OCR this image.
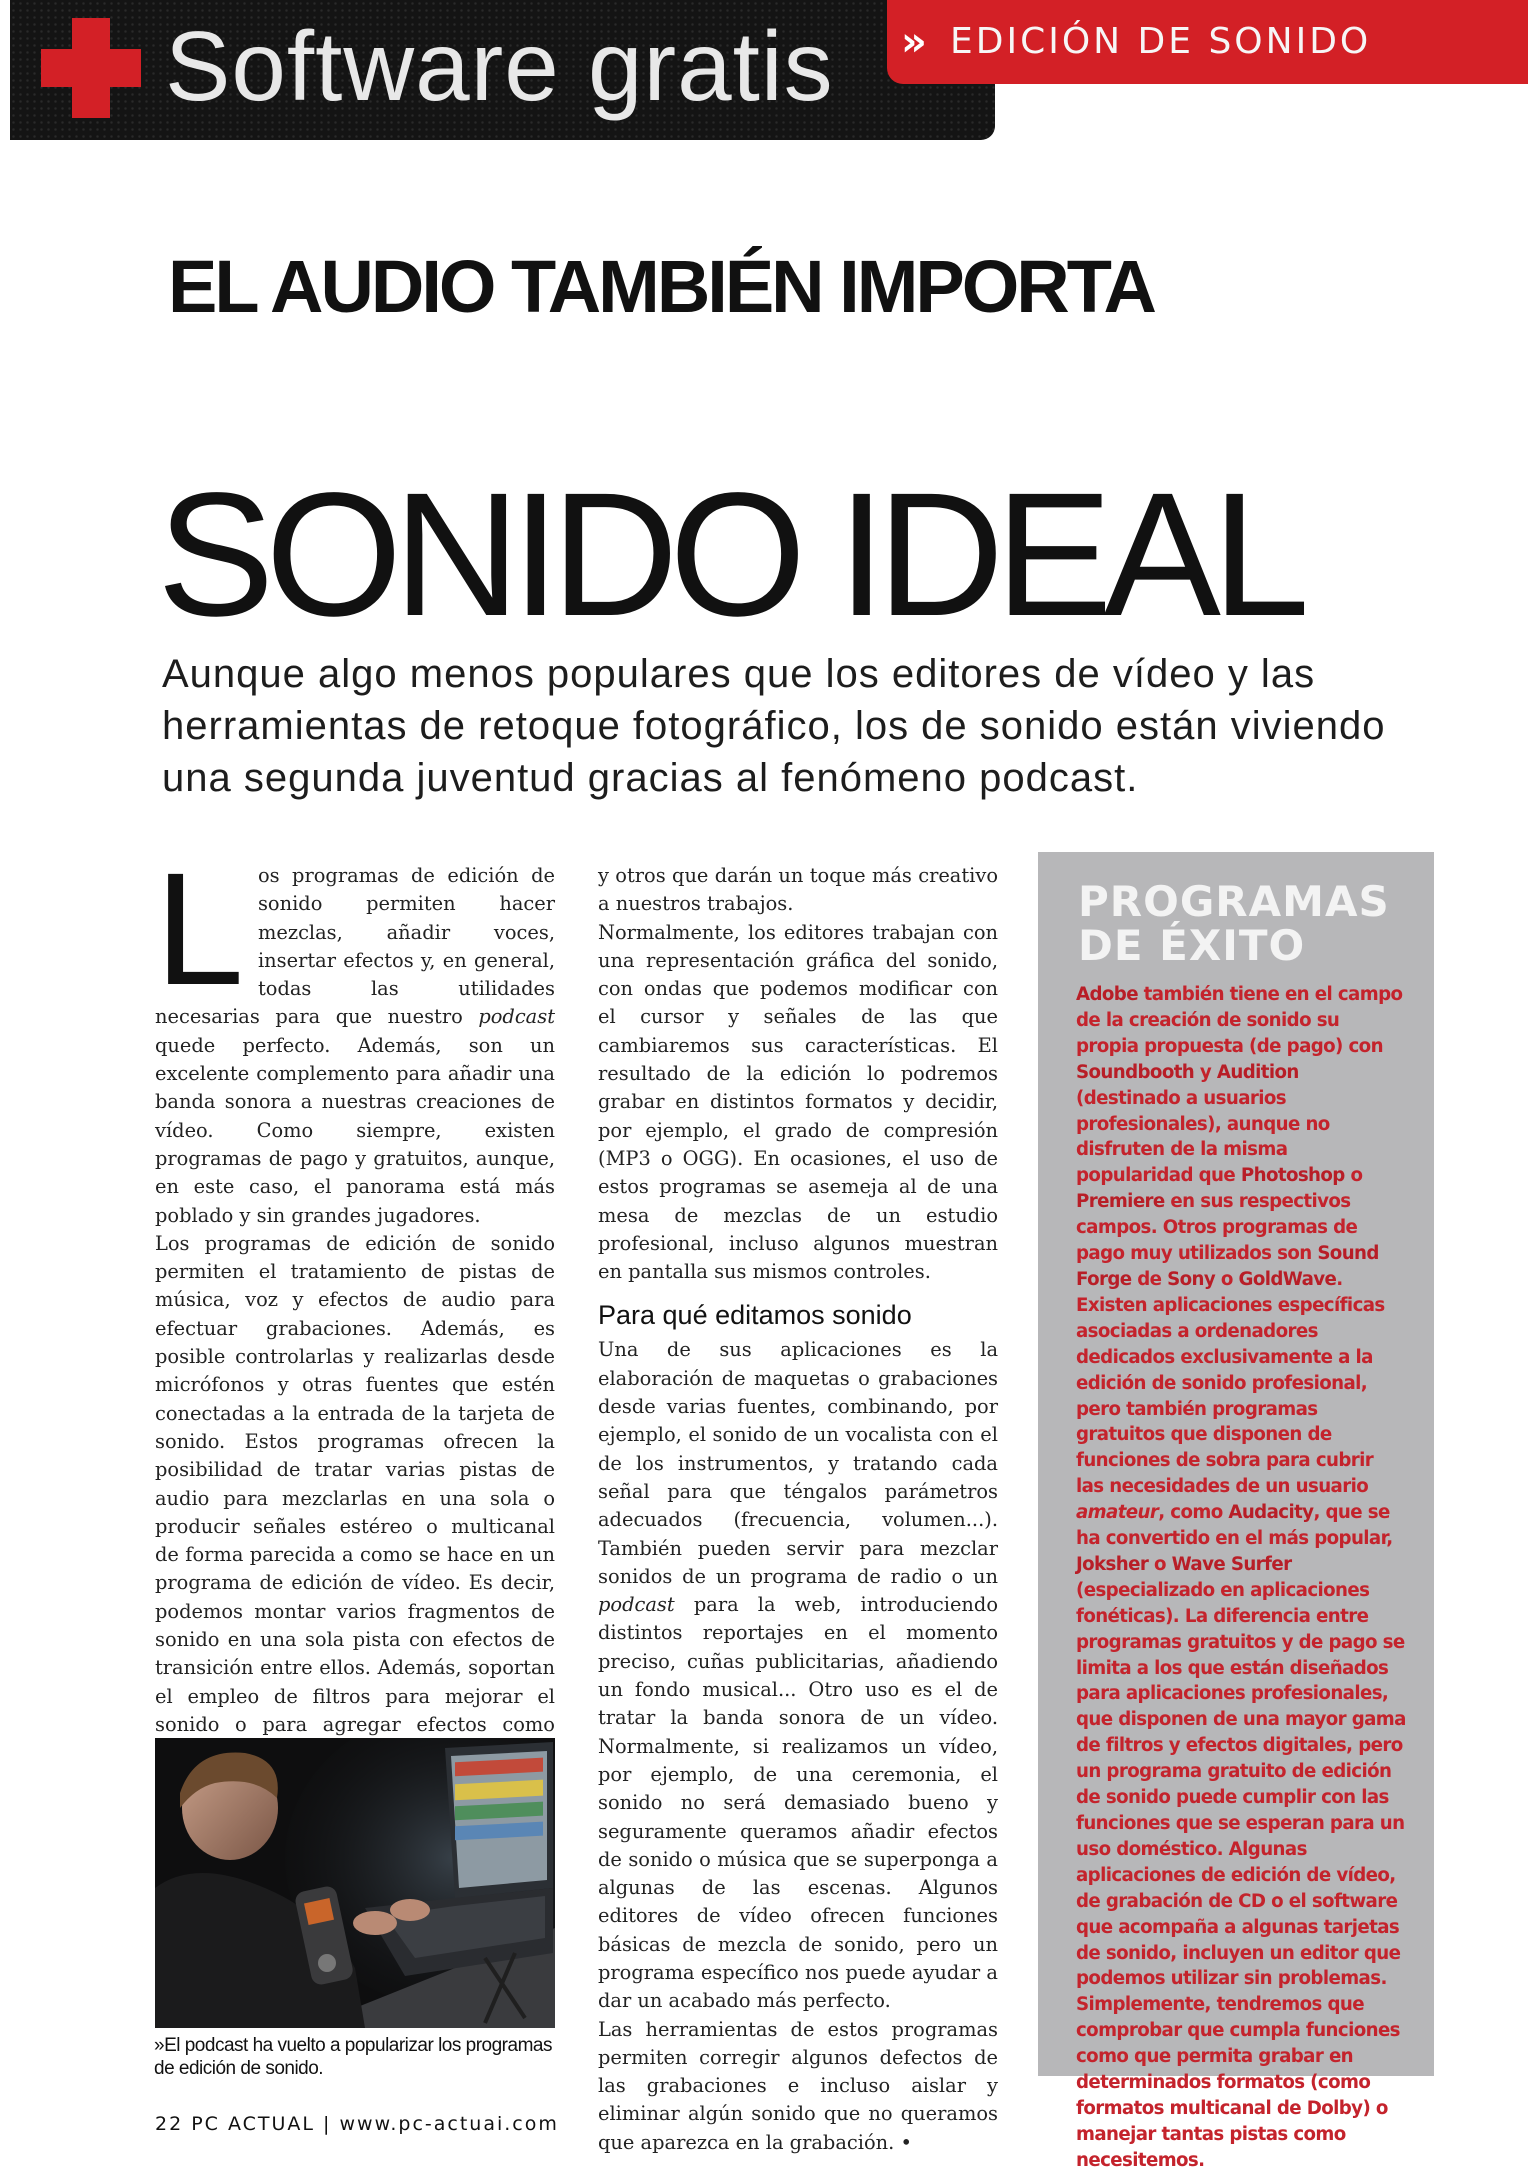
Software gratis » EDICIÓN DE SONIDO
EL AUDIO TAMBIÉN IMPORTA
SONIDO IDEAL
Aunque algo menos populares que los editores de vídeo y las herramientas de retoque fotográfico, los de sonido están viviendo una segunda juventud gracias al fenómeno podcast.

Los programas de edición de sonido permiten hacer mezclas, añadir voces, insertar efectos y, en general, todas las utilidades necesarias para que nuestro podcast quede perfecto. Además, son un excelente complemento para añadir una banda sonora a nuestras creaciones de vídeo. Como siempre, existen programas de pago y gratuitos, aunque, en este caso, el panorama está más poblado y sin grandes jugadores.

Los programas de edición de sonido permiten el tratamiento de pistas de música, voz y efectos de audio para efectuar grabaciones. Además, es posible controlarlas y realizarlas desde micrófonos y otras fuentes que estén conectadas a la entrada de la tarjeta de sonido. Estos programas ofrecen la posibilidad de tratar varias pistas de audio para mezclarlas en una sola o producir señales estéreo o multicanal de forma parecida a como se hace en un programa de edición de vídeo. Es decir, podemos montar varios fragmentos de sonido en una sola pista con efectos de transición entre ellos. Además, soportan el empleo de filtros para mejorar el sonido o para agregar efectos como

y otros que darán un toque más creativo a nuestros trabajos.

Normalmente, los editores trabajan con una representación gráfica del sonido, con ondas que podemos modificar con el cursor y señales de las que cambiaremos sus características. El resultado de la edición lo podremos grabar en distintos formatos y decidir, por ejemplo, el grado de compresión (MP3 o OGG). En ocasiones, el uso de estos programas se asemeja al de una mesa de mezclas de un estudio profesional, incluso algunos muestran en pantalla sus mismos controles.

Para qué editamos sonido

Una de sus aplicaciones es la elaboración de maquetas o grabaciones desde varias fuentes, combinando, por ejemplo, el sonido de un vocalista con el de los instrumentos, y tratando cada señal para que téngalos parámetros adecuados (frecuencia, volumen...). También pueden servir para mezclar sonidos de un programa de radio o un podcast para la web, introduciendo distintos reportajes en el momento preciso, cuñas publicitarias, añadiendo un fondo musical... Otro uso es el de tratar la banda sonora de un vídeo. Normalmente, si realizamos un vídeo, por ejemplo, de una ceremonia, el sonido no será demasiado bueno y seguramente queramos añadir efectos de sonido o música que se superponga a algunas de las escenas. Algunos editores de vídeo ofrecen funciones básicas de mezcla de sonido, pero un programa específico nos puede ayudar a dar un acabado más perfecto.

Las herramientas de estos programas permiten corregir algunos defectos de las grabaciones e incluso aislar y eliminar algún sonido que no queramos que aparezca en la grabación. •

»El podcast ha vuelto a popularizar los programas de edición de sonido.
PROGRAMAS DE ÉXITO
Adobe también tiene en el campo de la creación de sonido su propia propuesta (de pago) con Soundbooth y Audition (destinado a usuarios profesionales), aunque no disfruten de la misma popularidad que Photoshop o Premiere en sus respectivos campos. Otros programas de pago muy utilizados son Sound Forge de Sony o GoldWave. Existen aplicaciones específicas asociadas a ordenadores dedicados exclusivamente a la edición de sonido profesional, pero también programas gratuitos que disponen de funciones de sobra para cubrir las necesidades de un usuario amateur, como Audacity, que se ha convertido en el más popular, Joksher o Wave Surfer (especializado en aplicaciones fonéticas). La diferencia entre programas gratuitos y de pago se limita a los que están diseñados para aplicaciones profesionales, que disponen de una mayor gama de filtros y efectos digitales, pero un programa gratuito de edición de sonido puede cumplir con las funciones que se esperan para un uso doméstico. Algunas aplicaciones de edición de vídeo, de grabación de CD o el software que acompaña a algunas tarjetas de sonido, incluyen un editor que podemos utilizar sin problemas. Simplemente, tendremos que comprobar que cumpla funciones como que permita grabar en determinados formatos (como formatos multicanal de Dolby) o manejar tantas pistas como necesitemos.
22 PC ACTUAL | www.pc-actuai.com
